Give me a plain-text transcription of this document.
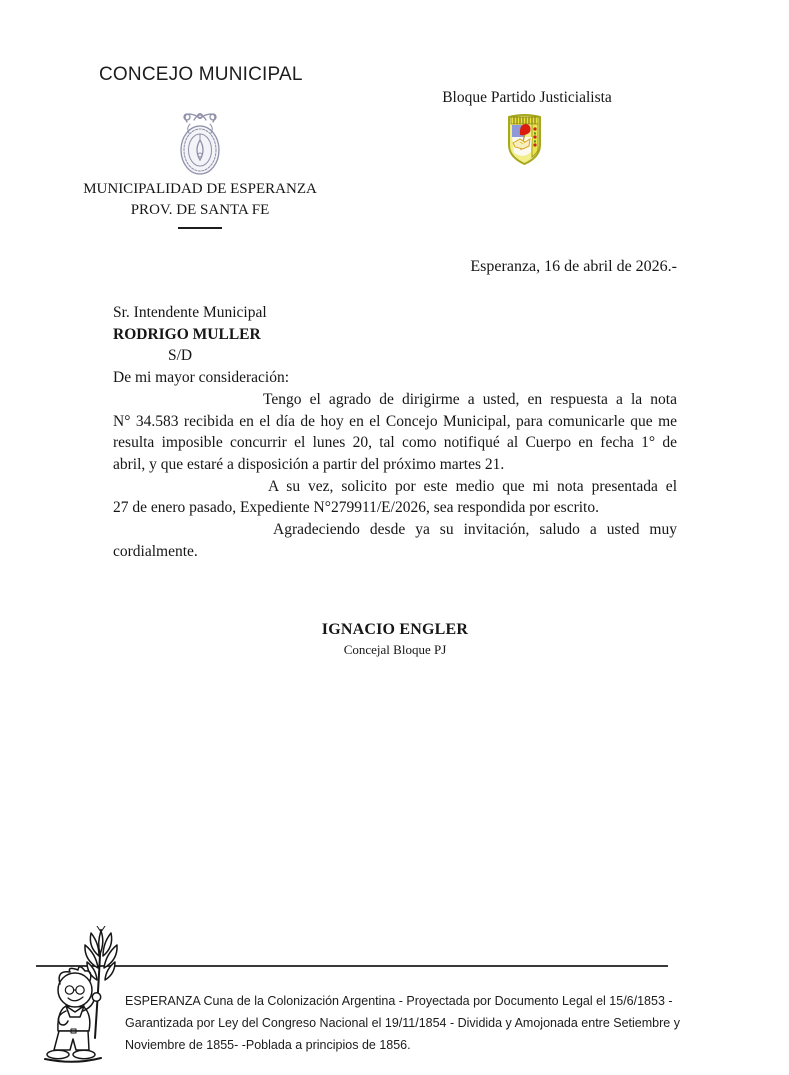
CONCEJO MUNICIPAL
Bloque Partido Justicialista
MUNICIPALIDAD DE ESPERANZA
PROV. DE SANTA FE
Esperanza, 16 de abril de 2026.-
Sr. Intendente Municipal
RODRIGO MULLER
S/D
De mi mayor consideración:
Tengo el agrado de dirigirme a usted, en respuesta a la nota
N° 34.583 recibida en el día de hoy en el Concejo Municipal, para comunicarle que me
resulta imposible concurrir el lunes 20, tal como notifiqué al Cuerpo en fecha 1° de
abril, y que estaré a disposición a partir del próximo martes 21.
A su vez, solicito por este medio que mi nota presentada el
27 de enero pasado, Expediente N°279911/E/2026, sea respondida por escrito.
Agradeciendo desde ya su invitación, saludo a usted muy
cordialmente.
IGNACIO ENGLER
Concejal Bloque PJ
ESPERANZA Cuna de la Colonización Argentina - Proyectada por Documento Legal el 15/6/1853 -
Garantizada por Ley del Congreso Nacional el 19/11/1854 - Dividida y Amojonada entre Setiembre y
Noviembre de 1855- -Poblada a principios de 1856.
